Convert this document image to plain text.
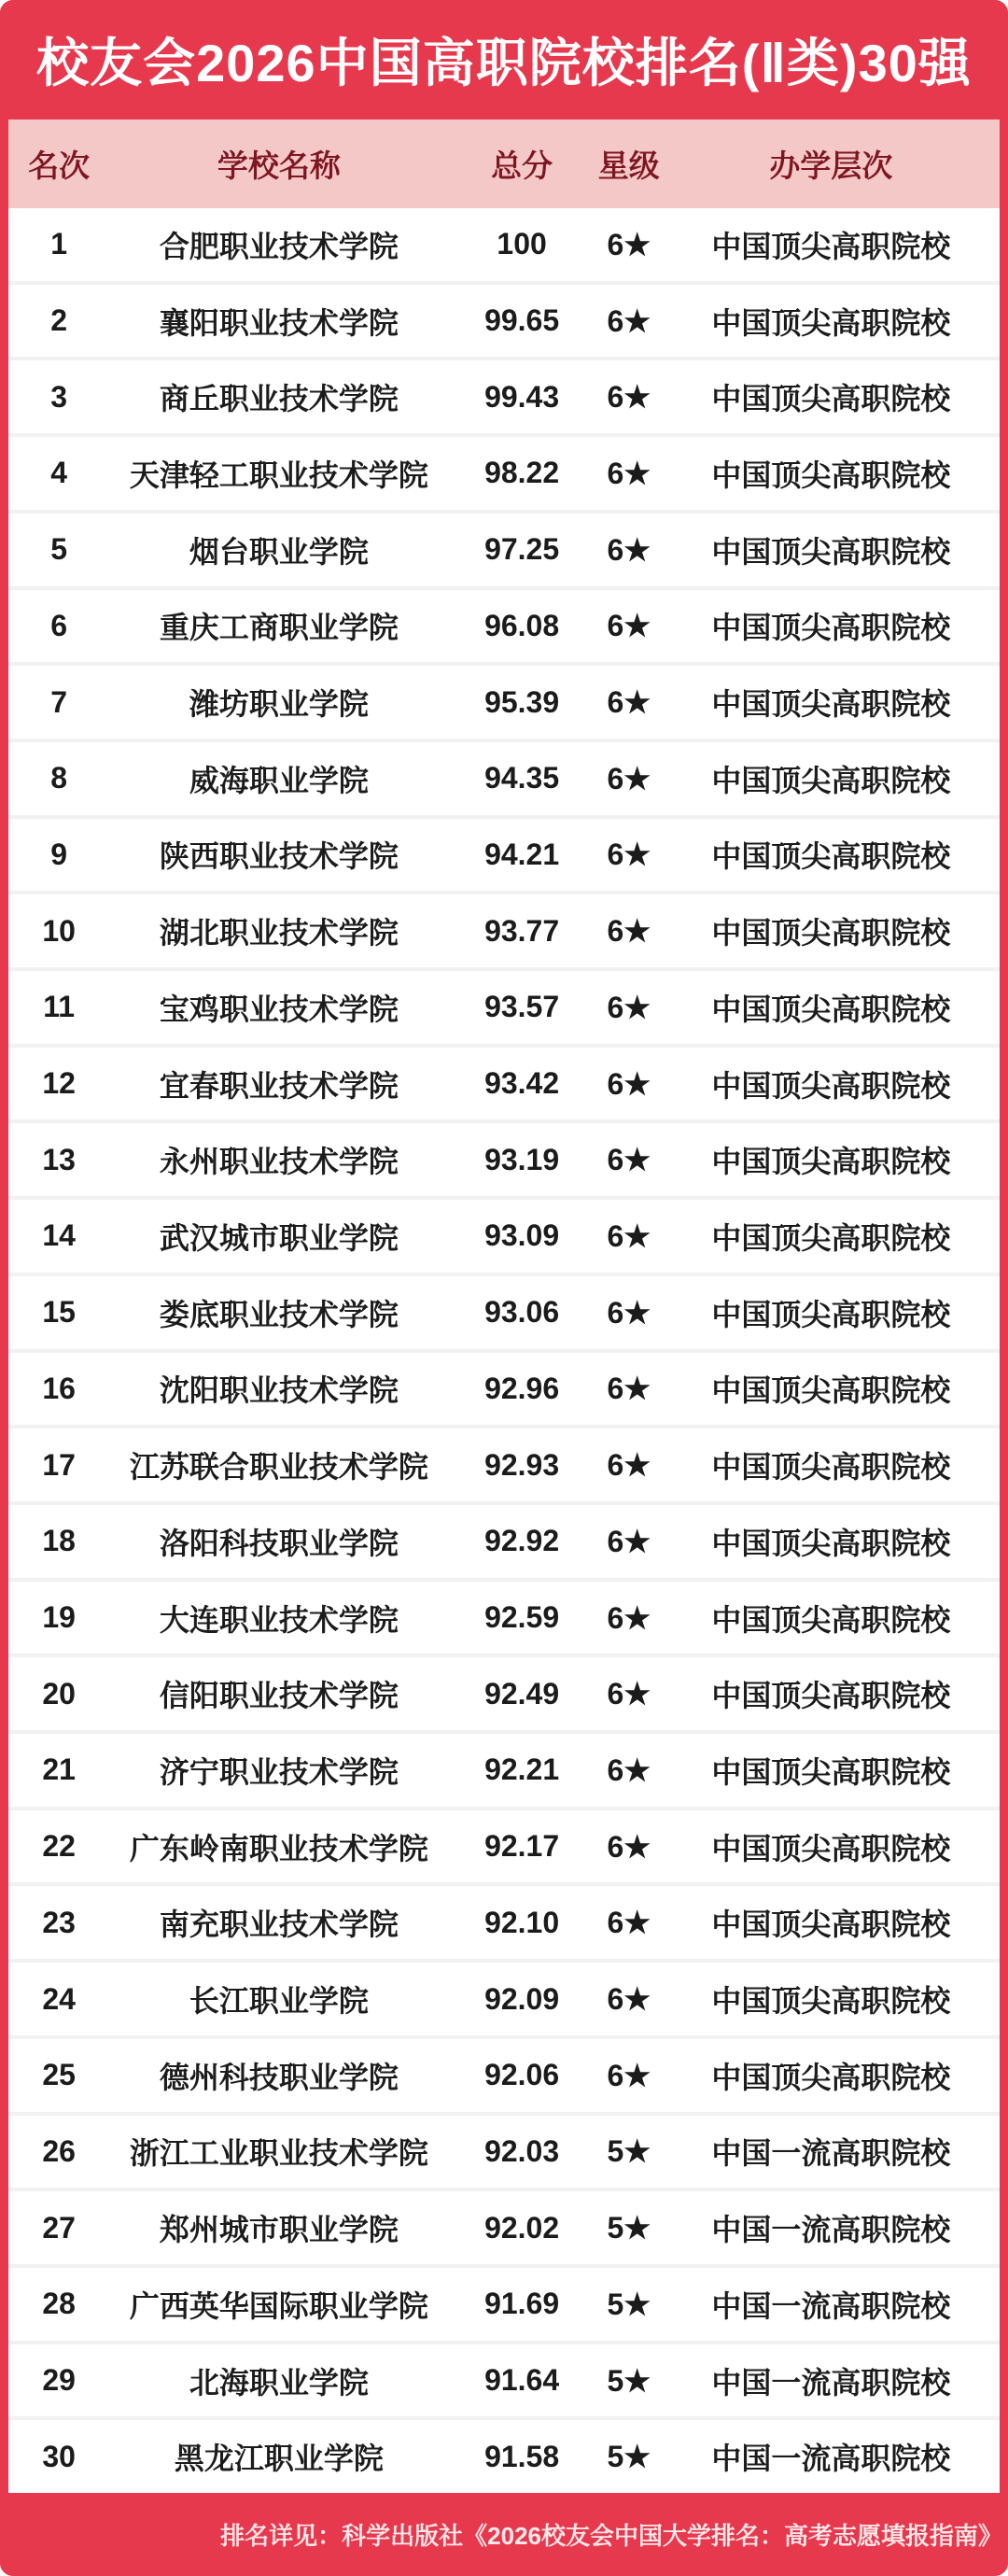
校友会2026中国高职院校排名(Ⅱ类)30强
名次	学校名称	总分	星级	办学层次
1	合肥职业技术学院	100	6★	中国顶尖高职院校
2	襄阳职业技术学院	99.65	6★	中国顶尖高职院校
3	商丘职业技术学院	99.43	6★	中国顶尖高职院校
4	天津轻工职业技术学院	98.22	6★	中国顶尖高职院校
5	烟台职业学院	97.25	6★	中国顶尖高职院校
6	重庆工商职业学院	96.08	6★	中国顶尖高职院校
7	潍坊职业学院	95.39	6★	中国顶尖高职院校
8	威海职业学院	94.35	6★	中国顶尖高职院校
9	陕西职业技术学院	94.21	6★	中国顶尖高职院校
10	湖北职业技术学院	93.77	6★	中国顶尖高职院校
11	宝鸡职业技术学院	93.57	6★	中国顶尖高职院校
12	宜春职业技术学院	93.42	6★	中国顶尖高职院校
13	永州职业技术学院	93.19	6★	中国顶尖高职院校
14	武汉城市职业学院	93.09	6★	中国顶尖高职院校
15	娄底职业技术学院	93.06	6★	中国顶尖高职院校
16	沈阳职业技术学院	92.96	6★	中国顶尖高职院校
17	江苏联合职业技术学院	92.93	6★	中国顶尖高职院校
18	洛阳科技职业学院	92.92	6★	中国顶尖高职院校
19	大连职业技术学院	92.59	6★	中国顶尖高职院校
20	信阳职业技术学院	92.49	6★	中国顶尖高职院校
21	济宁职业技术学院	92.21	6★	中国顶尖高职院校
22	广东岭南职业技术学院	92.17	6★	中国顶尖高职院校
23	南充职业技术学院	92.10	6★	中国顶尖高职院校
24	长江职业学院	92.09	6★	中国顶尖高职院校
25	德州科技职业学院	92.06	6★	中国顶尖高职院校
26	浙江工业职业技术学院	92.03	5★	中国一流高职院校
27	郑州城市职业学院	92.02	5★	中国一流高职院校
28	广西英华国际职业学院	91.69	5★	中国一流高职院校
29	北海职业学院	91.64	5★	中国一流高职院校
30	黑龙江职业学院	91.58	5★	中国一流高职院校
排名详见：科学出版社《2026校友会中国大学排名：高考志愿填报指南》
